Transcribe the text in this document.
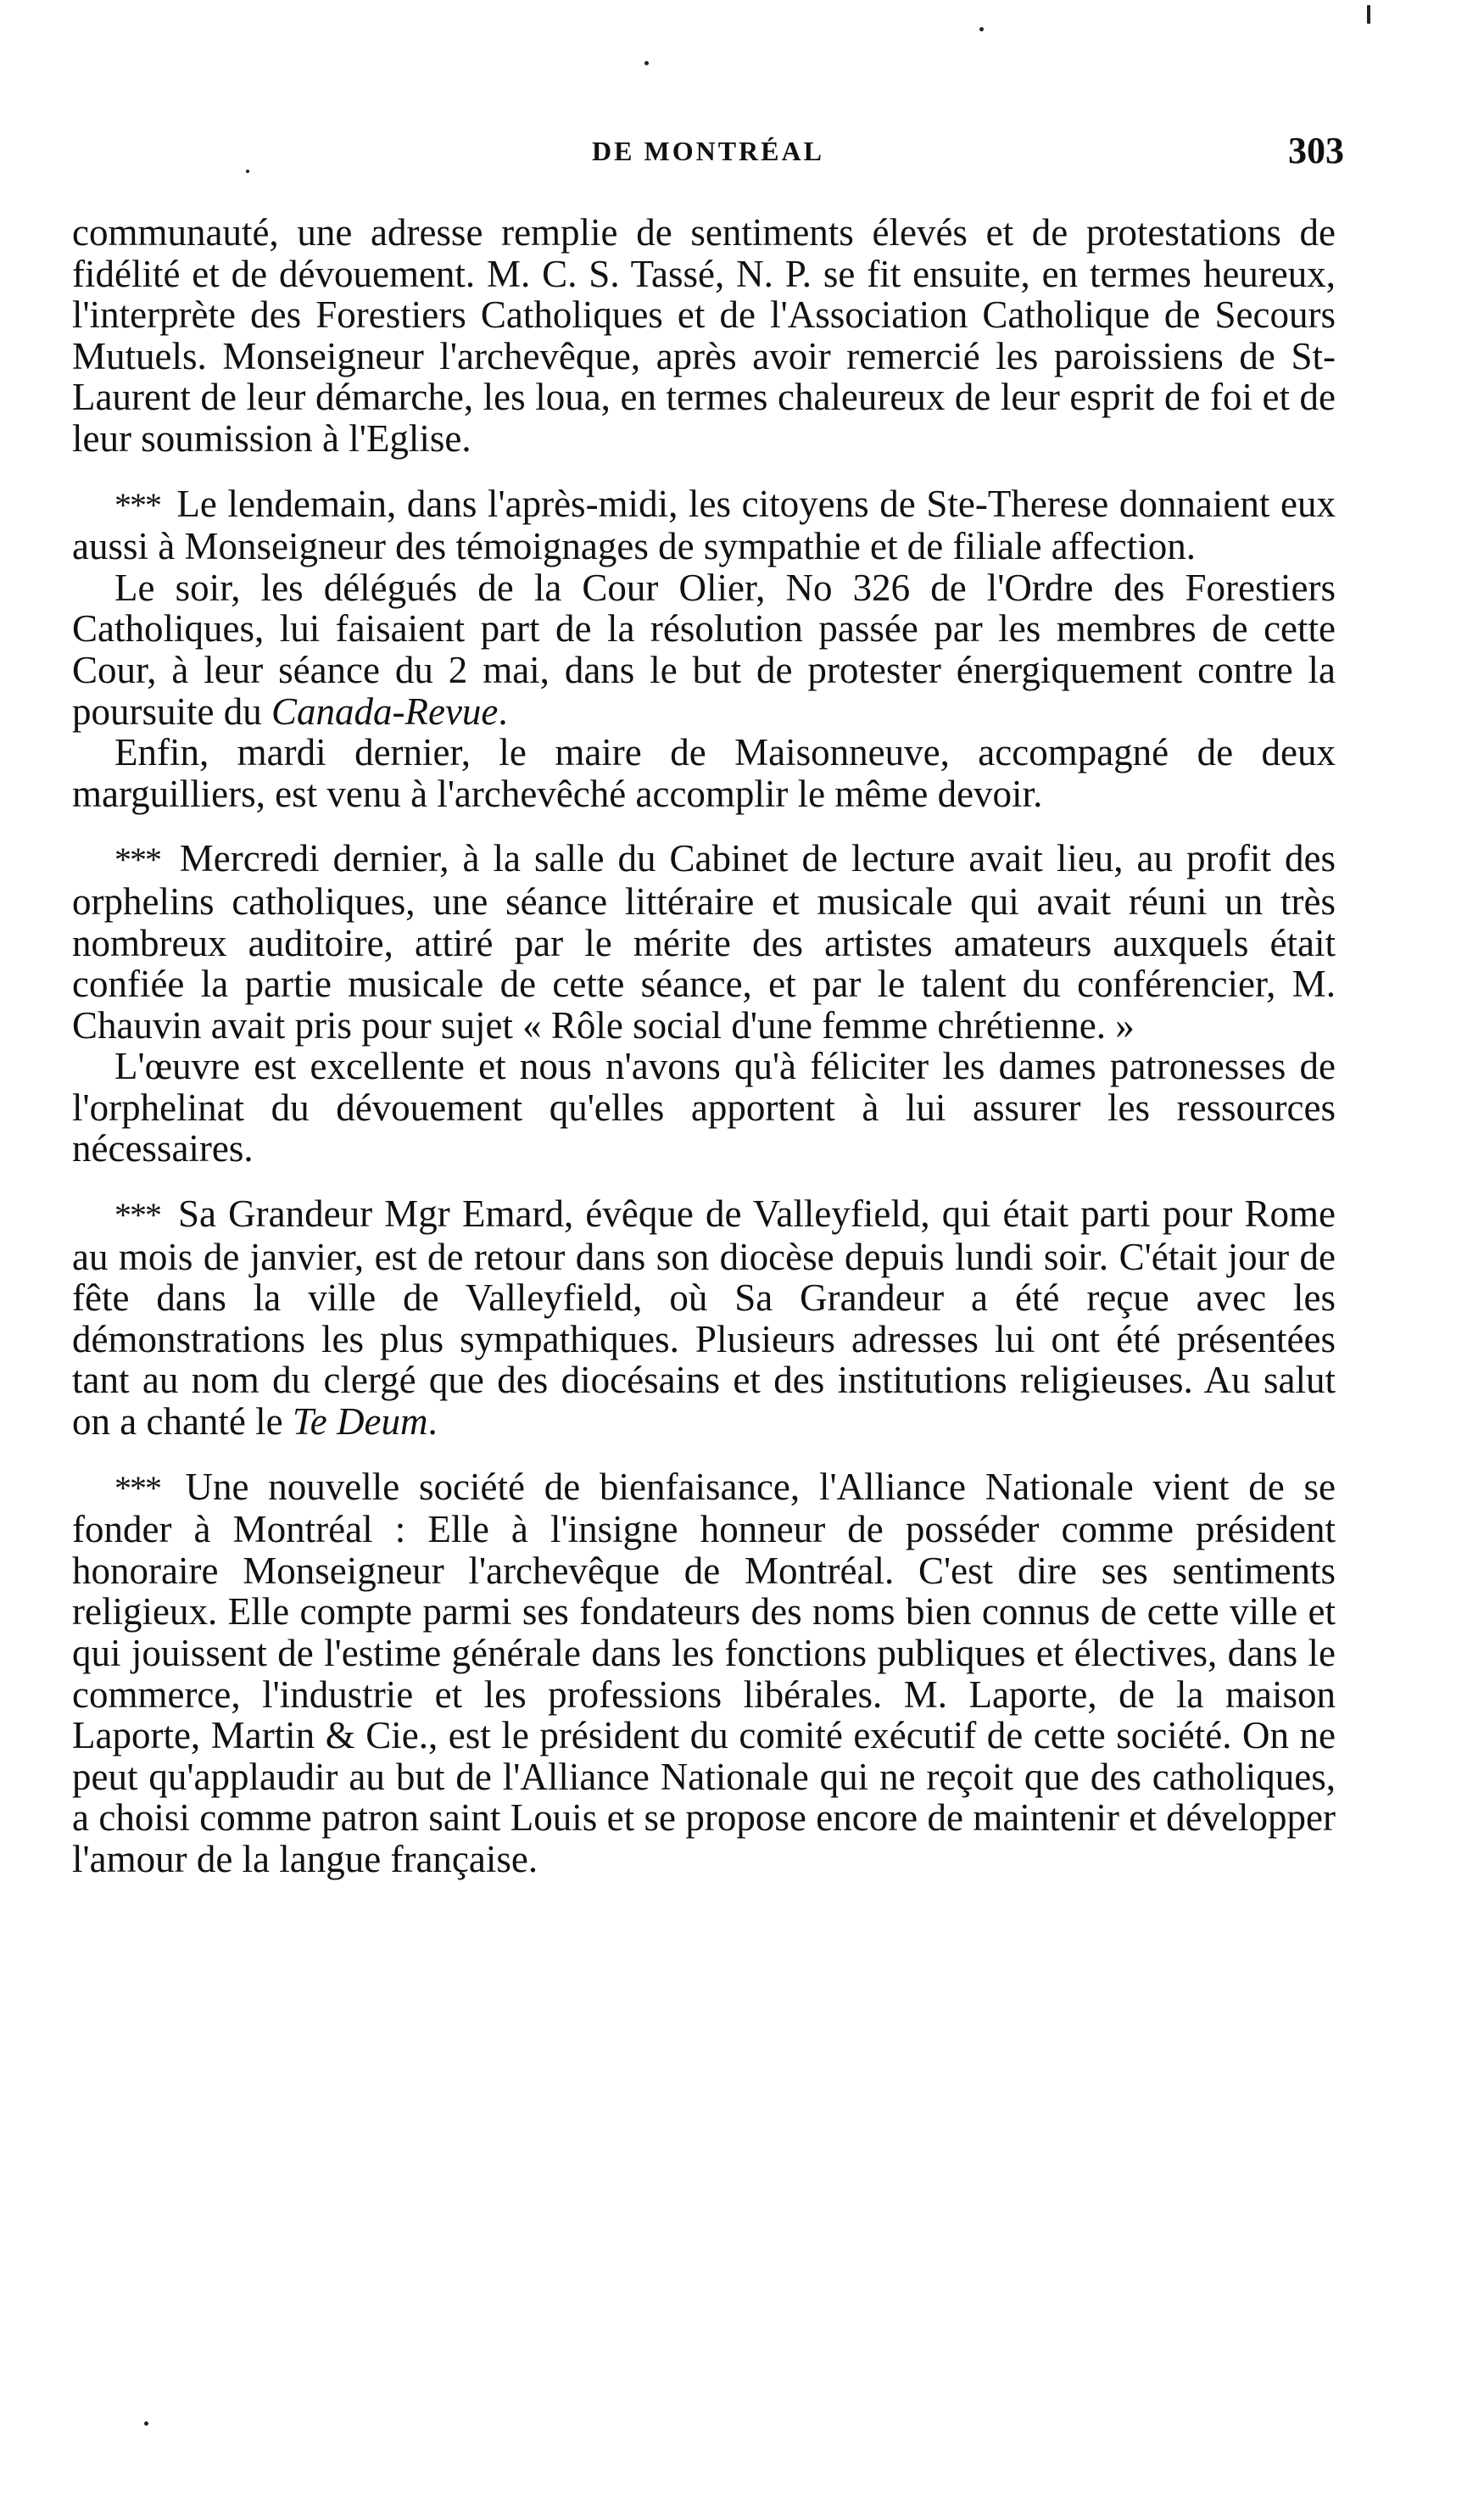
DE MONTRÉAL	303

communauté, une adresse remplie de sentiments élevés et de protestations de fidélité et de dévouement. M. C. S. Tassé, N. P. se fit ensuite, en termes heureux, l'interprète des Forestiers Catholiques et de l'Association Catholique de Secours Mutuels. Monseigneur l'archevêque, après avoir remercié les paroissiens de St-Laurent de leur démarche, les loua, en termes chaleureux de leur esprit de foi et de leur soumission à l'Eglise.

*** Le lendemain, dans l'après-midi, les citoyens de Ste-Therese donnaient eux aussi à Monseigneur des témoignages de sympathie et de filiale affection.

Le soir, les délégués de la Cour Olier, No 326 de l'Ordre des Forestiers Catholiques, lui faisaient part de la résolution passée par les membres de cette Cour, à leur séance du 2 mai, dans le but de protester énergiquement contre la poursuite du Canada-Revue.

Enfin, mardi dernier, le maire de Maisonneuve, accompagné de deux marguilliers, est venu à l'archevêché accomplir le même devoir.

*** Mercredi dernier, à la salle du Cabinet de lecture avait lieu, au profit des orphelins catholiques, une séance littéraire et musicale qui avait réuni un très nombreux auditoire, attiré par le mérite des artistes amateurs auxquels était confiée la partie musicale de cette séance, et par le talent du conférencier, M. Chauvin avait pris pour sujet « Rôle social d'une femme chrétienne. »

L'œuvre est excellente et nous n'avons qu'à féliciter les dames patronesses de l'orphelinat du dévouement qu'elles apportent à lui assurer les ressources nécessaires.

*** Sa Grandeur Mgr Emard, évêque de Valleyfield, qui était parti pour Rome au mois de janvier, est de retour dans son diocèse depuis lundi soir. C'était jour de fête dans la ville de Valleyfield, où Sa Grandeur a été reçue avec les démonstrations les plus sympathiques. Plusieurs adresses lui ont été présentées tant au nom du clergé que des diocésains et des institutions religieuses. Au salut on a chanté le Te Deum.

*** Une nouvelle société de bienfaisance, l'Alliance Nationale vient de se fonder à Montréal : Elle à l'insigne honneur de posséder comme président honoraire Monseigneur l'archevêque de Montréal. C'est dire ses sentiments religieux. Elle compte parmi ses fondateurs des noms bien connus de cette ville et qui jouissent de l'estime générale dans les fonctions publiques et électives, dans le commerce, l'industrie et les professions libérales. M. Laporte, de la maison Laporte, Martin & Cie., est le président du comité exécutif de cette société. On ne peut qu'applaudir au but de l'Alliance Nationale qui ne reçoit que des catholiques, a choisi comme patron saint Louis et se propose encore de maintenir et développer l'amour de la langue française.
